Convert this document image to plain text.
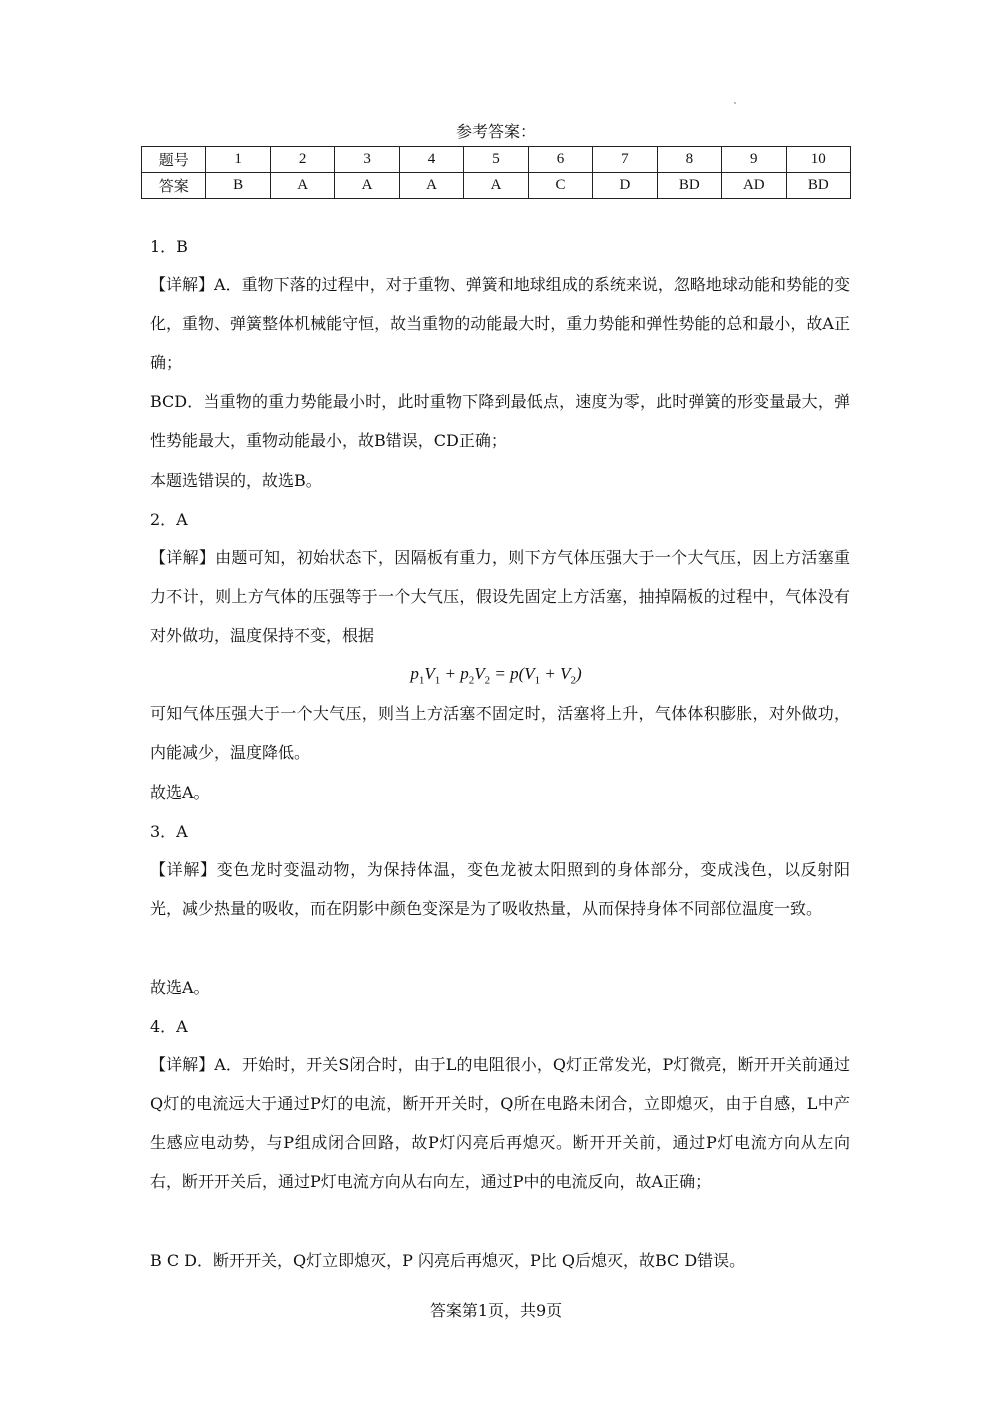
参考答案：
题号	1	2	3	4	5	6	7	8	9	10
答案	B	A	A	A	A	C	D	BD	AD	BD
1．B

【详解】A．重物下落的过程中，对于重物、弹簧和地球组成的系统来说，忽略地球动能和势能的变化，重物、弹簧整体机械能守恒，故当重物的动能最大时，重力势能和弹性势能的总和最小，故A正确；

BCD．当重物的重力势能最小时，此时重物下降到最低点，速度为零，此时弹簧的形变量最大，弹性势能最大，重物动能最小，故B错误，CD正确；

本题选错误的，故选B。
2．A

【详解】由题可知，初始状态下，因隔板有重力，则下方气体压强大于一个大气压，因上方活塞重力不计，则上方气体的压强等于一个大气压，假设先固定上方活塞，抽掉隔板的过程中，气体没有对外做功，温度保持不变，根据

$p_1V_1 + p_2V_2 = p(V_1 + V_2)$

可知气体压强大于一个大气压，则当上方活塞不固定时，活塞将上升，气体体积膨胀，对外做功，内能减少，温度降低。

故选A。
3．A

【详解】变色龙时变温动物，为保持体温，变色龙被太阳照到的身体部分，变成浅色，以反射阳光，减少热量的吸收，而在阴影中颜色变深是为了吸收热量，从而保持身体不同部位温度一致。

故选A。
4．A

【详解】A．开始时，开关S闭合时，由于L的电阻很小，Q灯正常发光，P灯微亮，断开开关前通过Q灯的电流远大于通过P灯的电流，断开开关时，Q所在电路未闭合，立即熄灭，由于自感，L中产生感应电动势，与P组成闭合回路，故P灯闪亮后再熄灭。断开开关前，通过P灯电流方向从左向右，断开开关后，通过P灯电流方向从右向左，通过P中的电流反向，故A正确；

B C D．断开开关，Q灯立即熄灭，P 闪亮后再熄灭，P比 Q后熄灭，故BC D错误。
答案第1页，共9页
